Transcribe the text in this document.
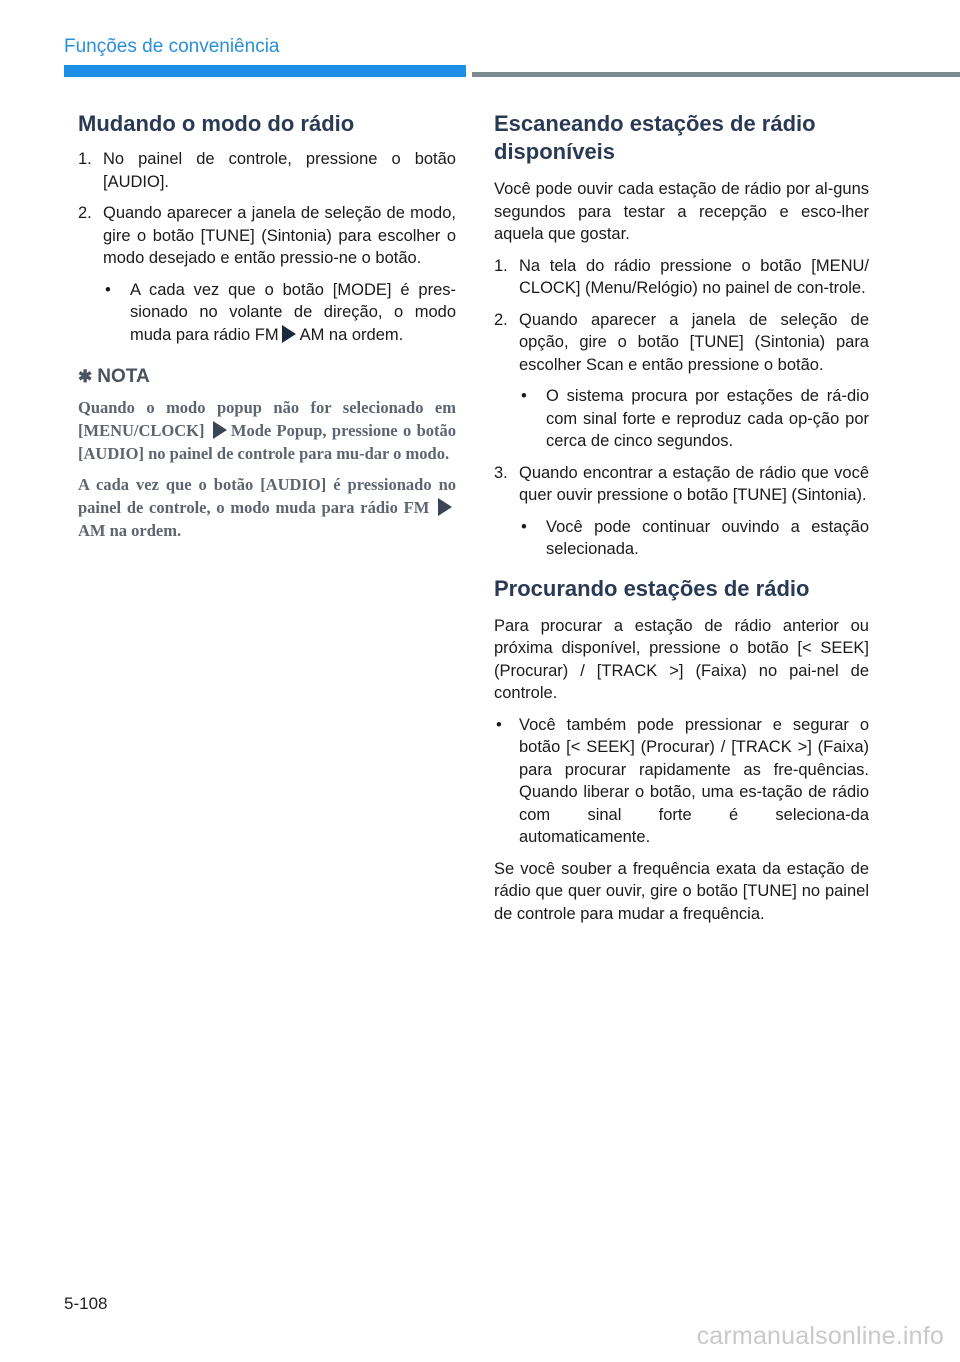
Funções de conveniência
Mudando o modo do rádio
1. No painel de controle, pressione o botão [AUDIO].
2. Quando aparecer a janela de seleção de modo, gire o botão [TUNE] (Sintonia) para escolher o modo desejado e então pressio-ne o botão.
• A cada vez que o botão [MODE] é pres-sionado no volante de direção, o modo muda para rádio FM AM na ordem.
✱ NOTA

Quando o modo popup não for selecionado em [MENU/CLOCK] Mode Popup, pressione o botão [AUDIO] no painel de controle para mu-dar o modo.

A cada vez que o botão [AUDIO] é pressionado no painel de controle, o modo muda para rádio FM AM na ordem.

Escaneando estações de rádio disponíveis

Você pode ouvir cada estação de rádio por al-guns segundos para testar a recepção e esco-lher aquela que gostar.

1. Na tela do rádio pressione o botão [MENU/ CLOCK] (Menu/Relógio) no painel de con-trole.
2. Quando aparecer a janela de seleção de opção, gire o botão [TUNE] (Sintonia) para escolher Scan e então pressione o botão.
• O sistema procura por estações de rá-dio com sinal forte e reproduz cada op-ção por cerca de cinco segundos.
3. Quando encontrar a estação de rádio que você quer ouvir pressione o botão [TUNE] (Sintonia).
• Você pode continuar ouvindo a estação selecionada.
Procurando estações de rádio

Para procurar a estação de rádio anterior ou próxima disponível, pressione o botão [< SEEK] (Procurar) / [TRACK >] (Faixa) no pai-nel de controle.

• Você também pode pressionar e segurar o botão [< SEEK] (Procurar) / [TRACK >] (Faixa) para procurar rapidamente as fre-quências. Quando liberar o botão, uma es-tação de rádio com sinal forte é seleciona-da automaticamente.

Se você souber a frequência exata da estação de rádio que quer ouvir, gire o botão [TUNE] no painel de controle para mudar a frequência.

5-108
carmanualsonline.info
